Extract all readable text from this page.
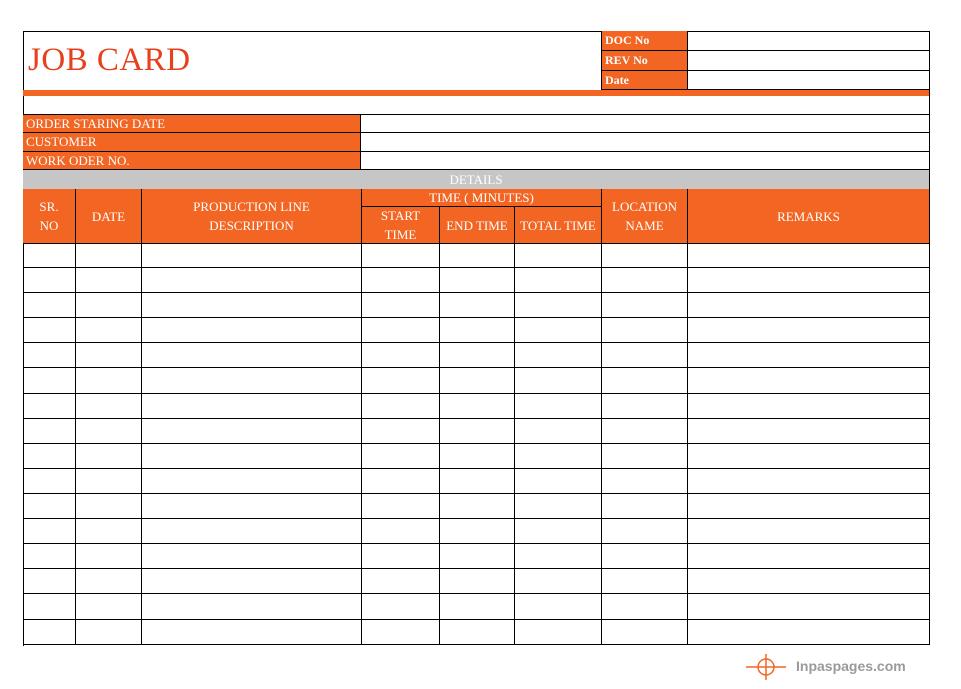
JOB CARD
DOC No
REV No
Date
ORDER STARING DATE
CUSTOMER
WORK ODER NO.
DETAILS
SR.
NO
DATE
PRODUCTION LINE
DESCRIPTION
TIME ( MINUTES)
START
TIME
END TIME TOTAL TIME
LOCATION
NAME
REMARKS
Inpaspages.com
